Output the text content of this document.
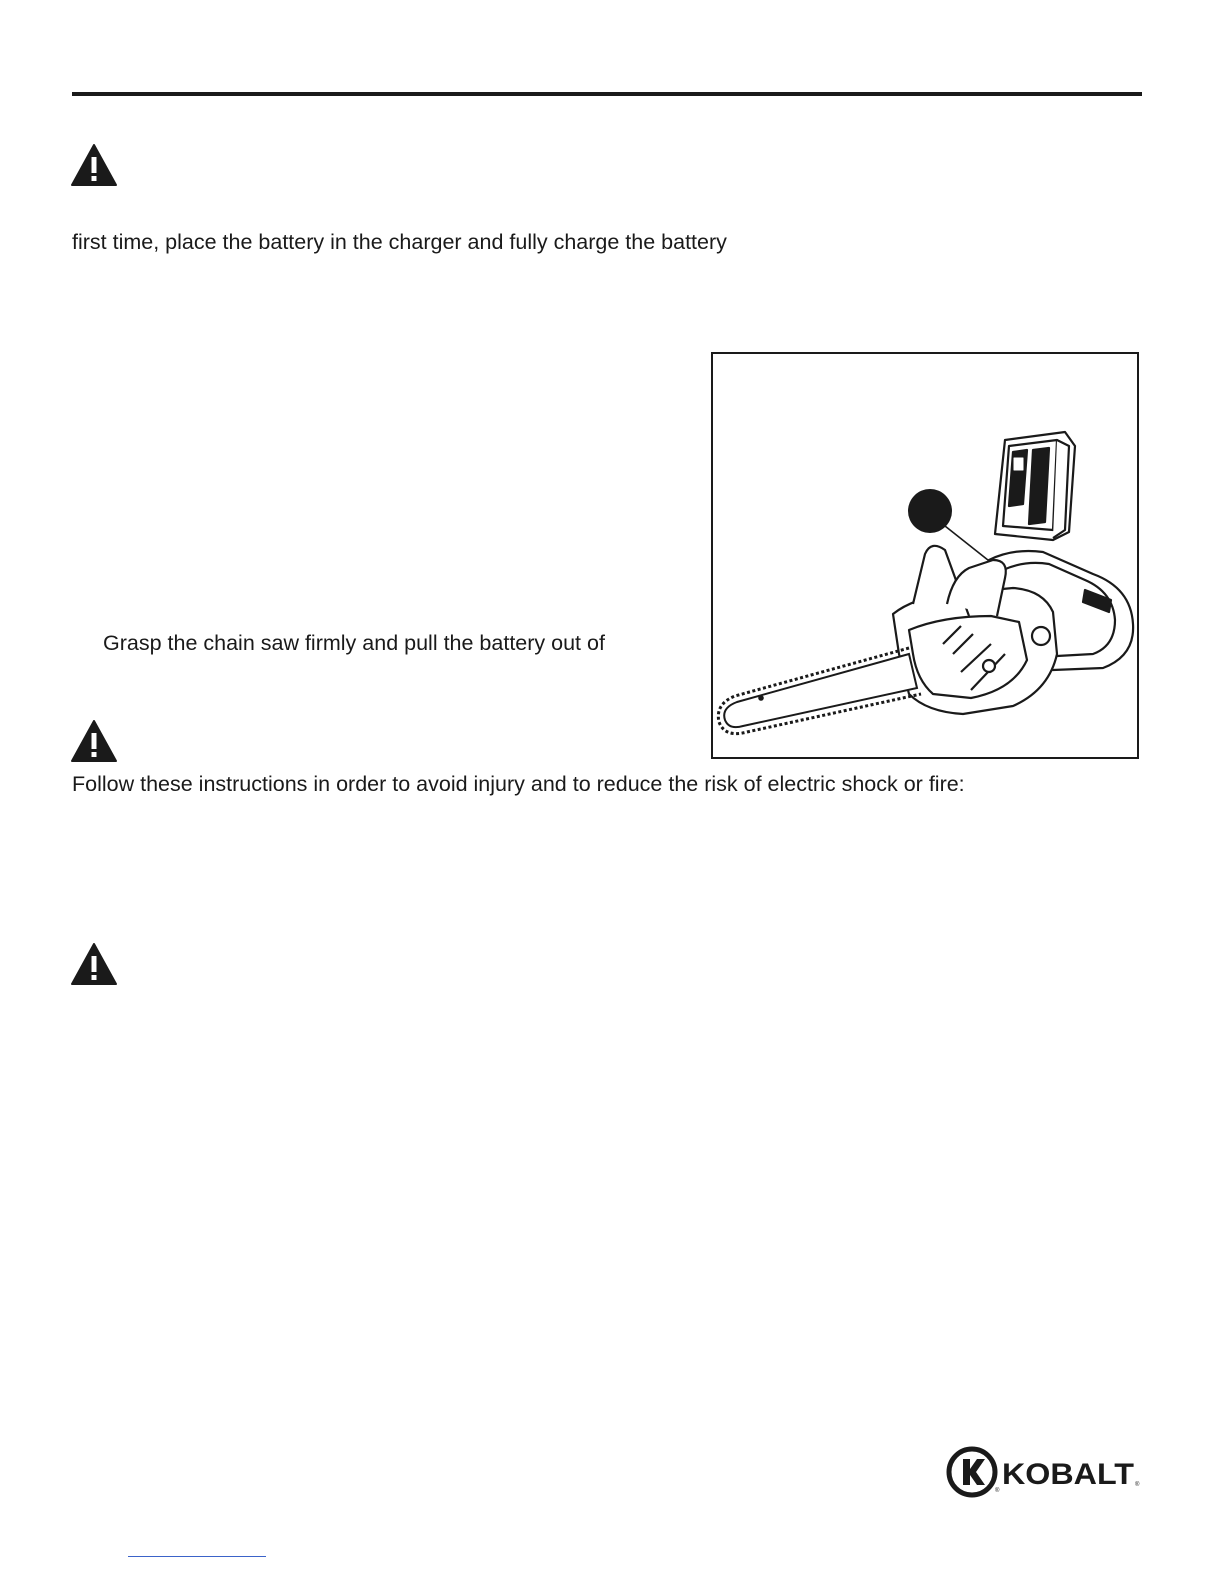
first time, place the battery in the charger and fully charge the battery
Grasp the chain saw firmly and pull the battery out of
Follow these instructions in order to avoid injury and to reduce the risk of electric shock or fire:
® KOBALT ®
